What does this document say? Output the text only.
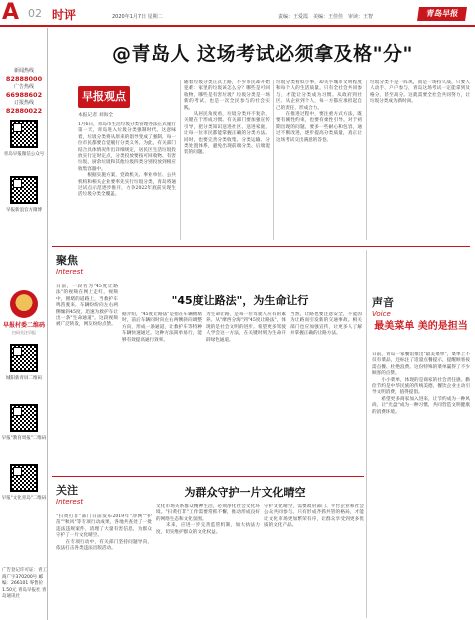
A 02 时评	2020年1月7日 星期二	责编：王爱霞　美编：王佳佳　审读：王智	青岛早报
新闻热线
82888000
广告热线
66988602
订报热线
82880022
青岛早报微信公众号
早报新浪官方微博
早报村委二维码
扫码关注早报
城阳新青屏二维码
早报"教育周报"二维码
早报"文化青岛"二维码
广告登记许可证：青工商广字370200号 邮编：266101 零售价 1.50元 青岛早报社 青岛通讯社
@青岛人 这场考试必须拿及格"分"
早报观点
本报记者 刘海全
1月6日，青岛市生活垃圾分类管理办法正式施行第一天，青岛进入垃圾分类强制时代。这意味着，垃圾分类将从原来的倡导变成了强制，每一位市民都要自觉履行分类义务。为此，有关部门结合具体情况作出详细规定，居民区生活垃圾投放实行定时定点，分类投放要按可回收物、有害垃圾、厨余垃圾和其他垃圾四类分别投放到相应收集容器中。
　　根据实施方案，党政机关、事业单位、公共机构和相关企业要率先实行垃圾分类，青岛将通过试点示范逐步推开，力争2022年底前实现生活垃圾分类全覆盖。
随着垃圾分类正式上路，不少市民却开始犯难：家里的垃圾该怎么分？哪些是可回收物，哪些是有害垃圾？垃圾分类是一场新的考试，也是一次全民参与的社会实践。
　　从居民角度看，垃圾分类并不复杂，关键在于形成习惯。有关部门要加强宣传引导，把分类知识送进社区、送进家庭，让每一位市民都能掌握正确的分类方法。同时，也要完善分类收集、分类运输、分类处置体系，避免出现前端分类、后端混装的问题。
垃圾分类看似小事，却关乎城市文明程度和每个人的生活质量。只有全社会共同参与，才能让分类成为习惯。从政府到社区、从企业到个人，每一方都应承担起自己的责任，形成合力。
　　在推进过程中，要注重方式方法，既要有刚性约束，也要有柔性引导。对于初期出现的问题，要多一些耐心和包容，通过不断改进，逐步提高分类质量，真正让这场考试交出满意的答卷。
垃圾分类不是一阵风，而是一场持久战。只要人人动手、户户参与，青岛这场考试一定能拿到及格分，甚至高分。这就需要全社会共同努力，让垃圾分类成为新时尚。
聚焦
Interest
"45度让路法"，为生命让行
日前，一段名为"45度让路法"的视频在网上走红，视频中，拥堵的道路上，当救护车鸣笛驶来，车辆纷纷向左右两侧倾斜45度，迅速为救护车让出一条"生命通道"。这段视频被广泛转发，网友纷纷点赞。
据介绍，"45度让路法"是指在车辆拥堵时，前后车辆同时向左右两侧斜向调整方向，形成一条通道，让救护车等特种车辆快速通过。这种方法简单易行，能够有效提高通行效率。
为生命让路，是每一位驾驶人应有的素养。从"摩西分海"到"45度让路法"，体现的是社会文明的进步。希望更多驾驶人学会这一方法，在关键时刻为生命开辟绿色通道。
当然，让路也要注意安全，不能因为让路而引发新的交通事故。相关部门也应加强宣传，让更多人了解并掌握正确的让路方法。
关注
Interest
为群众守护一片文化晴空
"扫黄打非"部门日前发布2019年"净网""护苗""秋风"等专项行动成果，各地共查处了一批违法违规案件，清理了大量有害信息，为群众守护了一片文化晴空。
　　在专项行动中，有关部门坚持问题导向，依法打击各类违法出版活动。
文化市场关系群众精神生活，必须净化社会文化环境。"扫黄打非"工作需要常抓不懈，推动形成良好的网络生态和文化氛围。
　　未来，应进一步完善监管机制，加大执法力度，切实维护群众的文化权益。
守护文化晴空，需要政府部门、平台企业和社会公众共同参与。只有形成齐抓共管的格局，才能让文化市场更加繁荣有序，让群众享受到更多优质的文化产品。
声音
Voice
最美菜单 美的是担当
日前，青岛一家餐馆推出"最美菜单"，菜单上不仅有菜品，还标注了适量点餐提示，提醒顾客按需点餐、杜绝浪费。这份特殊的菜单赢得了不少顾客的点赞。
　　小小菜单，体现的是商家的社会责任感。勤俭节约是中华民族的传统美德，餐饮企业主动引导文明消费，值得提倡。
　　希望更多商家加入进来，让节约成为一种风尚，让"光盘"成为一种习惯，共同营造文明健康的消费环境。
